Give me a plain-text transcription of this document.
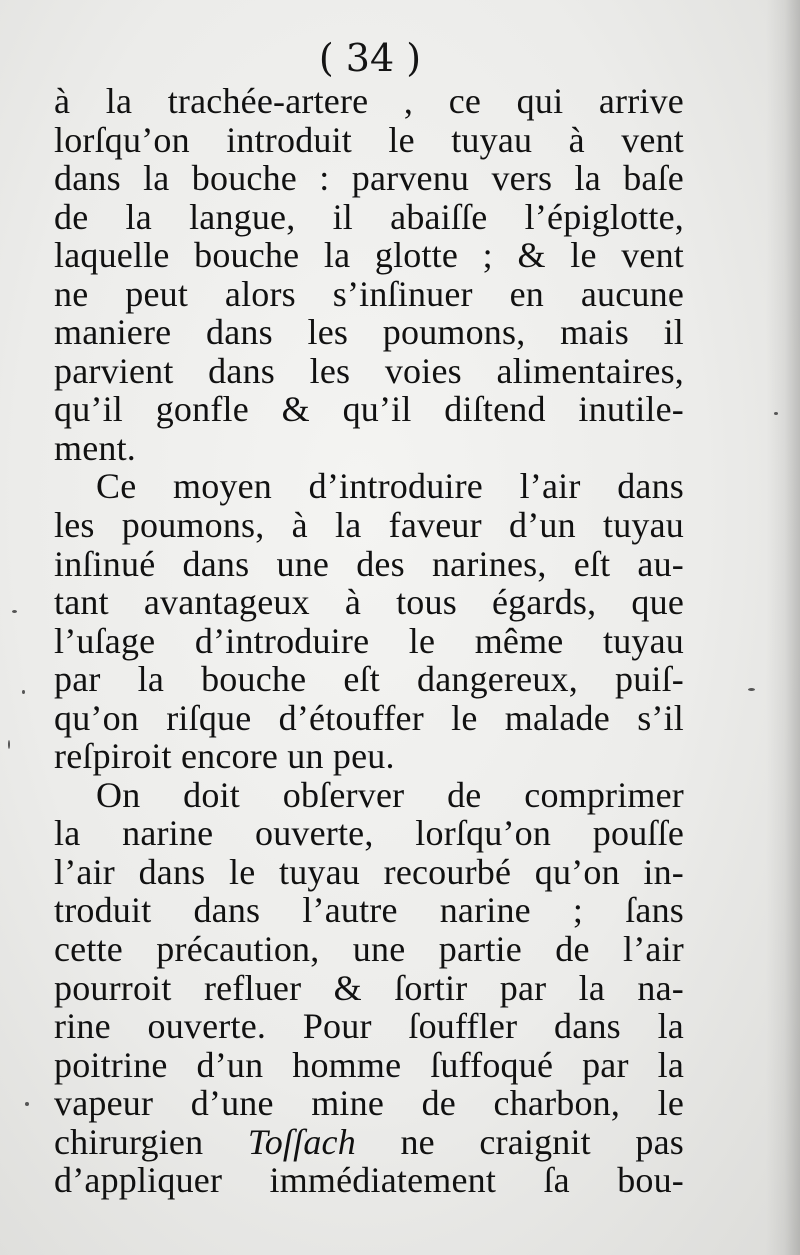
( 34 )
à la trachée-artere , ce qui arrive
lorſqu’on introduit le tuyau à vent
dans la bouche : parvenu vers la baſe
de la langue, il abaiſſe l’épiglotte,
laquelle bouche la glotte ; & le vent
ne peut alors s’inſinuer en aucune
maniere dans les poumons, mais il
parvient dans les voies alimentaires,
qu’il gonfle & qu’il diſtend inutile-
ment.
Ce moyen d’introduire l’air dans
les poumons, à la faveur d’un tuyau
inſinué dans une des narines, eſt au-
tant avantageux à tous égards, que
l’uſage d’introduire le même tuyau
par la bouche eſt dangereux, puiſ-
qu’on riſque d’étouffer le malade s’il
reſpiroit encore un peu.
On doit obſerver de comprimer
la narine ouverte, lorſqu’on pouſſe
l’air dans le tuyau recourbé qu’on in-
troduit dans l’autre narine ; ſans
cette précaution, une partie de l’air
pourroit refluer & ſortir par la na-
rine ouverte. Pour ſouffler dans la
poitrine d’un homme ſuffoqué par la
vapeur d’une mine de charbon, le
chirurgien Toſſach ne craignit pas
d’appliquer immédiatement ſa bou-
